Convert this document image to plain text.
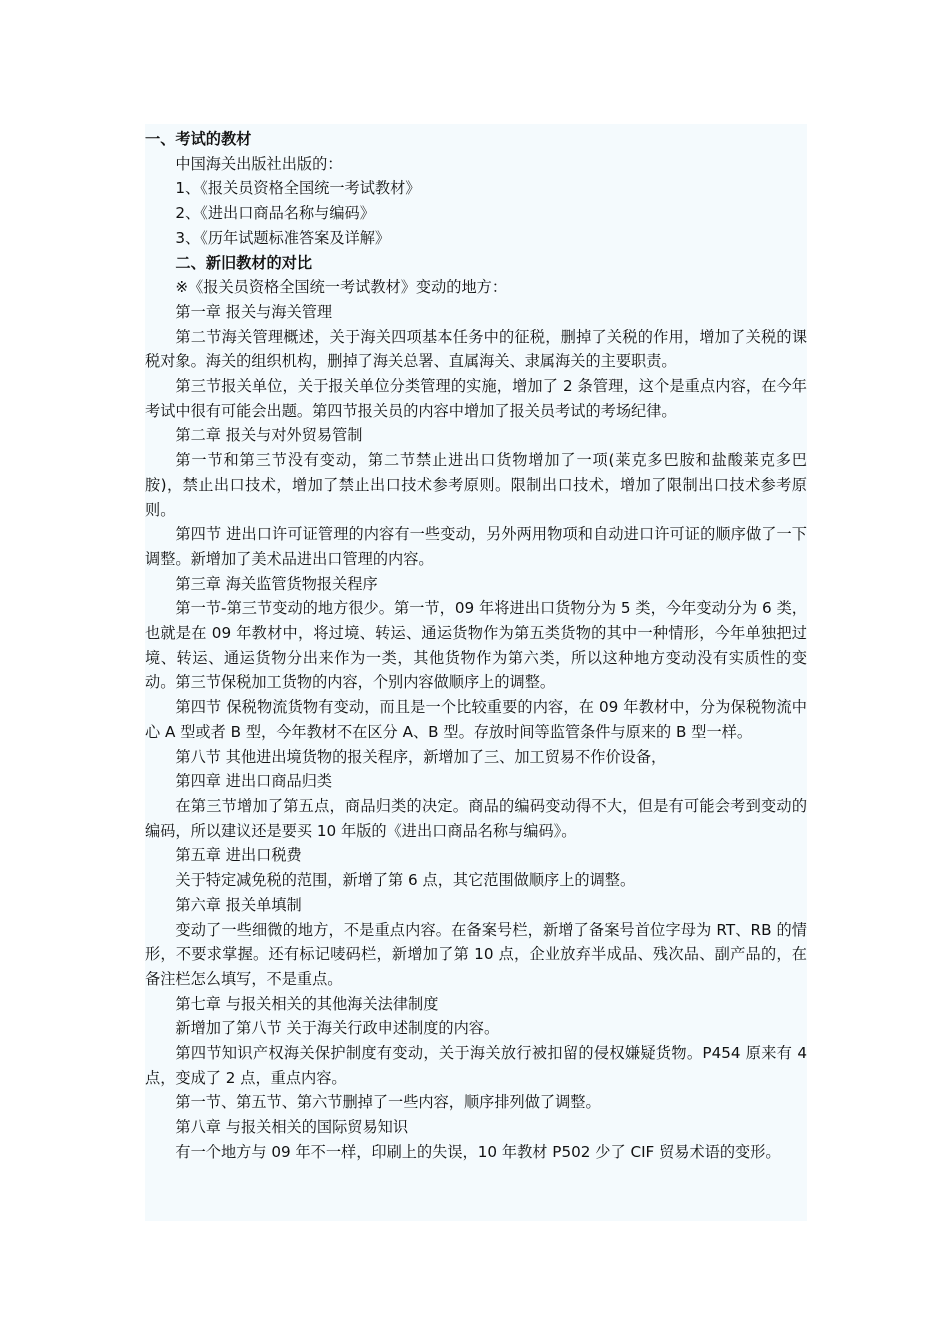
一、考试的教材

中国海关出版社出版的：

1、《报关员资格全国统一考试教材》

2、《进出口商品名称与编码》

3、《历年试题标准答案及详解》

二、新旧教材的对比

※《报关员资格全国统一考试教材》变动的地方：

第一章 报关与海关管理

第二节海关管理概述，关于海关四项基本任务中的征税，删掉了关税的作用，增加了关税的课税对象。海关的组织机构，删掉了海关总署、直属海关、隶属海关的主要职责。

第三节报关单位，关于报关单位分类管理的实施，增加了 2 条管理，这个是重点内容，在今年考试中很有可能会出题。第四节报关员的内容中增加了报关员考试的考场纪律。

第二章 报关与对外贸易管制

第一节和第三节没有变动，第二节禁止进出口货物增加了一项(莱克多巴胺和盐酸莱克多巴胺)，禁止出口技术，增加了禁止出口技术参考原则。限制出口技术，增加了限制出口技术参考原则。

第四节 进出口许可证管理的内容有一些变动，另外两用物项和自动进口许可证的顺序做了一下调整。新增加了美术品进出口管理的内容。

第三章 海关监管货物报关程序

第一节-第三节变动的地方很少。第一节，09 年将进出口货物分为 5 类，今年变动分为 6 类，也就是在 09 年教材中，将过境、转运、通运货物作为第五类货物的其中一种情形，今年单独把过境、转运、通运货物分出来作为一类，其他货物作为第六类，所以这种地方变动没有实质性的变动。第三节保税加工货物的内容，个别内容做顺序上的调整。

第四节 保税物流货物有变动，而且是一个比较重要的内容，在 09 年教材中，分为保税物流中心 A 型或者 B 型，今年教材不在区分 A、B 型。存放时间等监管条件与原来的 B 型一样。

第八节 其他进出境货物的报关程序，新增加了三、加工贸易不作价设备，

第四章 进出口商品归类

在第三节增加了第五点，商品归类的决定。商品的编码变动得不大，但是有可能会考到变动的编码，所以建议还是要买 10 年版的《进出口商品名称与编码》。

第五章 进出口税费

关于特定减免税的范围，新增了第 6 点，其它范围做顺序上的调整。

第六章 报关单填制

变动了一些细微的地方，不是重点内容。在备案号栏，新增了备案号首位字母为 RT、RB 的情形，不要求掌握。还有标记唛码栏，新增加了第 10 点，企业放弃半成品、残次品、副产品的，在备注栏怎么填写，不是重点。

第七章 与报关相关的其他海关法律制度

新增加了第八节 关于海关行政申述制度的内容。

第四节知识产权海关保护制度有变动，关于海关放行被扣留的侵权嫌疑货物。P454 原来有 4 点，变成了 2 点，重点内容。

第一节、第五节、第六节删掉了一些内容，顺序排列做了调整。

第八章 与报关相关的国际贸易知识

有一个地方与 09 年不一样，印刷上的失误，10 年教材 P502 少了 CIF 贸易术语的变形。
